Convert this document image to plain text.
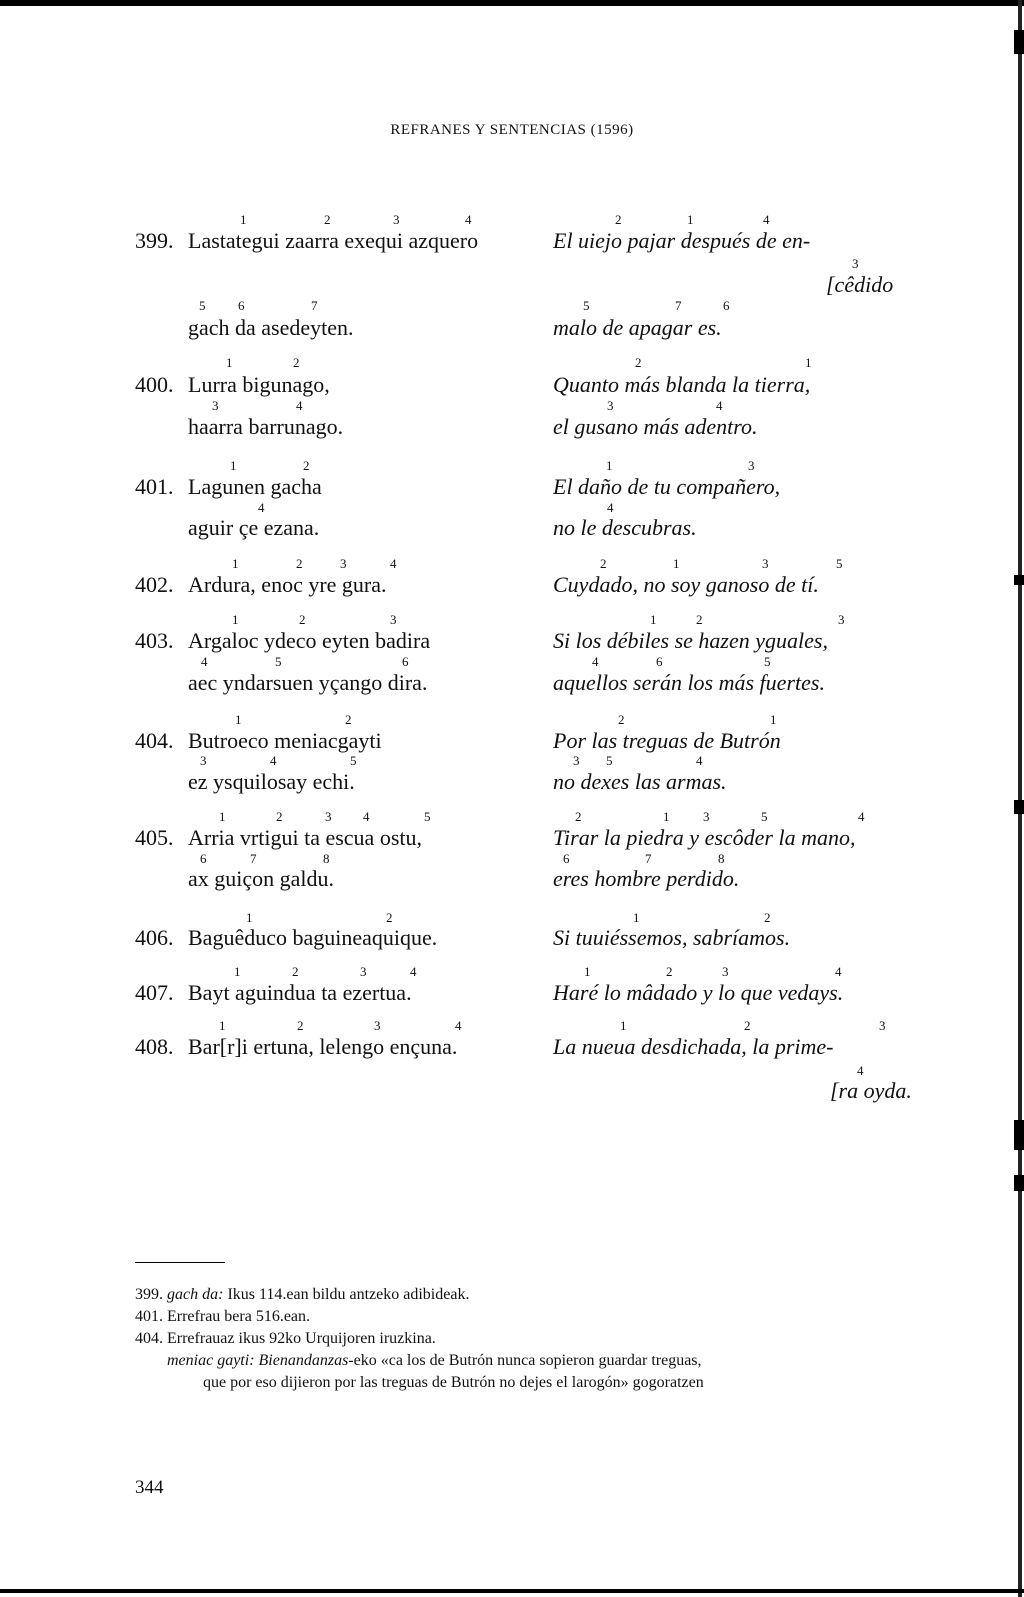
REFRANES Y SENTENCIAS (1596)
1	2	3	4
399. Lastategui zaarra exequi azquero
2	1	4
El uiejo pajar después de en-
3
[cêdido
5	6	7
gach da asedeyten.
5	7	6
malo de apagar es.
1	2
400. Lurra bigunago,
2	1
Quanto más blanda la tierra,
3	4
haarra barrunago.
3	4
el gusano más adentro.
1	2
401. Lagunen gacha
1	3
El daño de tu compañero,
4
aguir çe ezana.
4
no le descubras.
1	2	3	4
402. Ardura, enoc yre gura.
2	1	3	5
Cuydado, no soy ganoso de tí.
1	2	3
403. Argaloc ydeco eyten badira
1	2	3
Si los débiles se hazen yguales,
4	5	6
aec yndarsuen yçango dira.
4	6	5
aquellos serán los más fuertes.
1	2
404. Butroeco meniacgayti
2	1
Por las treguas de Butrón
3	4	5
ez ysquilosay echi.
3 5	4
no dexes las armas.
1	2	3 4	5
405. Arria vrtigui ta escua ostu,
2	1	3	5	4
Tirar la piedra y escôder la mano,
6	7	8
ax guiçon galdu.
6	7	8
eres hombre perdido.
1	2
406. Baguêduco baguineaquique.
1	2
Si tuuiéssemos, sabríamos.
1	2	3	4
407. Bayt aguindua ta ezertua.
1	2	3	4
Haré lo mâdado y lo que vedays.
1	2	3	4
408. Bar[r]i ertuna, lelengo ençuna.
1	2	3
La nueua desdichada, la prime-
4
[ra oyda.
399. gach da: Ikus 114.ean bildu antzeko adibideak.
401. Errefrau bera 516.ean.
404. Errefrauaz ikus 92ko Urquijoren iruzkina.
meniac gayti: Bienandanzas-eko «ca los de Butrón nunca sopieron guardar treguas,
que por eso dijieron por las treguas de Butrón no dejes el larogón» gogoratzen
344
